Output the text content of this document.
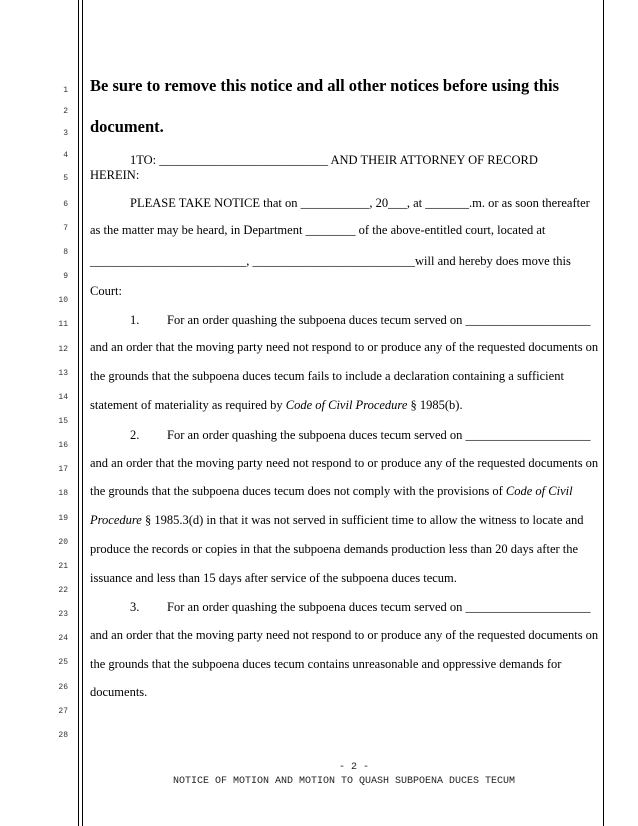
1
2
3
4
5
6
7
8
9
10
11
12
13
14
15
16
17
18
19
20
21
22
23
24
25
26
27
28
Be sure to remove this notice and all other notices before using this
document.
1TO: ___________________________ AND THEIR ATTORNEY OF RECORD
HEREIN:
PLEASE TAKE NOTICE that on ___________, 20___, at _______.m. or as soon thereafter
as the matter may be heard, in Department ________ of the above-entitled court, located at
_________________________, __________________________will and hereby does move this
Court:
1. For an order quashing the subpoena duces tecum served on ____________________
and an order that the moving party need not respond to or produce any of the requested documents on
the grounds that the subpoena duces tecum fails to include a declaration containing a sufficient
statement of materiality as required by Code of Civil Procedure § 1985(b).
2. For an order quashing the subpoena duces tecum served on ____________________
and an order that the moving party need not respond to or produce any of the requested documents on
the grounds that the subpoena duces tecum does not comply with the provisions of Code of Civil
Procedure § 1985.3(d) in that it was not served in sufficient time to allow the witness to locate and
produce the records or copies in that the subpoena demands production less than 20 days after the
issuance and less than 15 days after service of the subpoena duces tecum.
3. For an order quashing the subpoena duces tecum served on ____________________
and an order that the moving party need not respond to or produce any of the requested documents on
the grounds that the subpoena duces tecum contains unreasonable and oppressive demands for
documents.
- 2 -
NOTICE OF MOTION AND MOTION TO QUASH SUBPOENA DUCES TECUM
